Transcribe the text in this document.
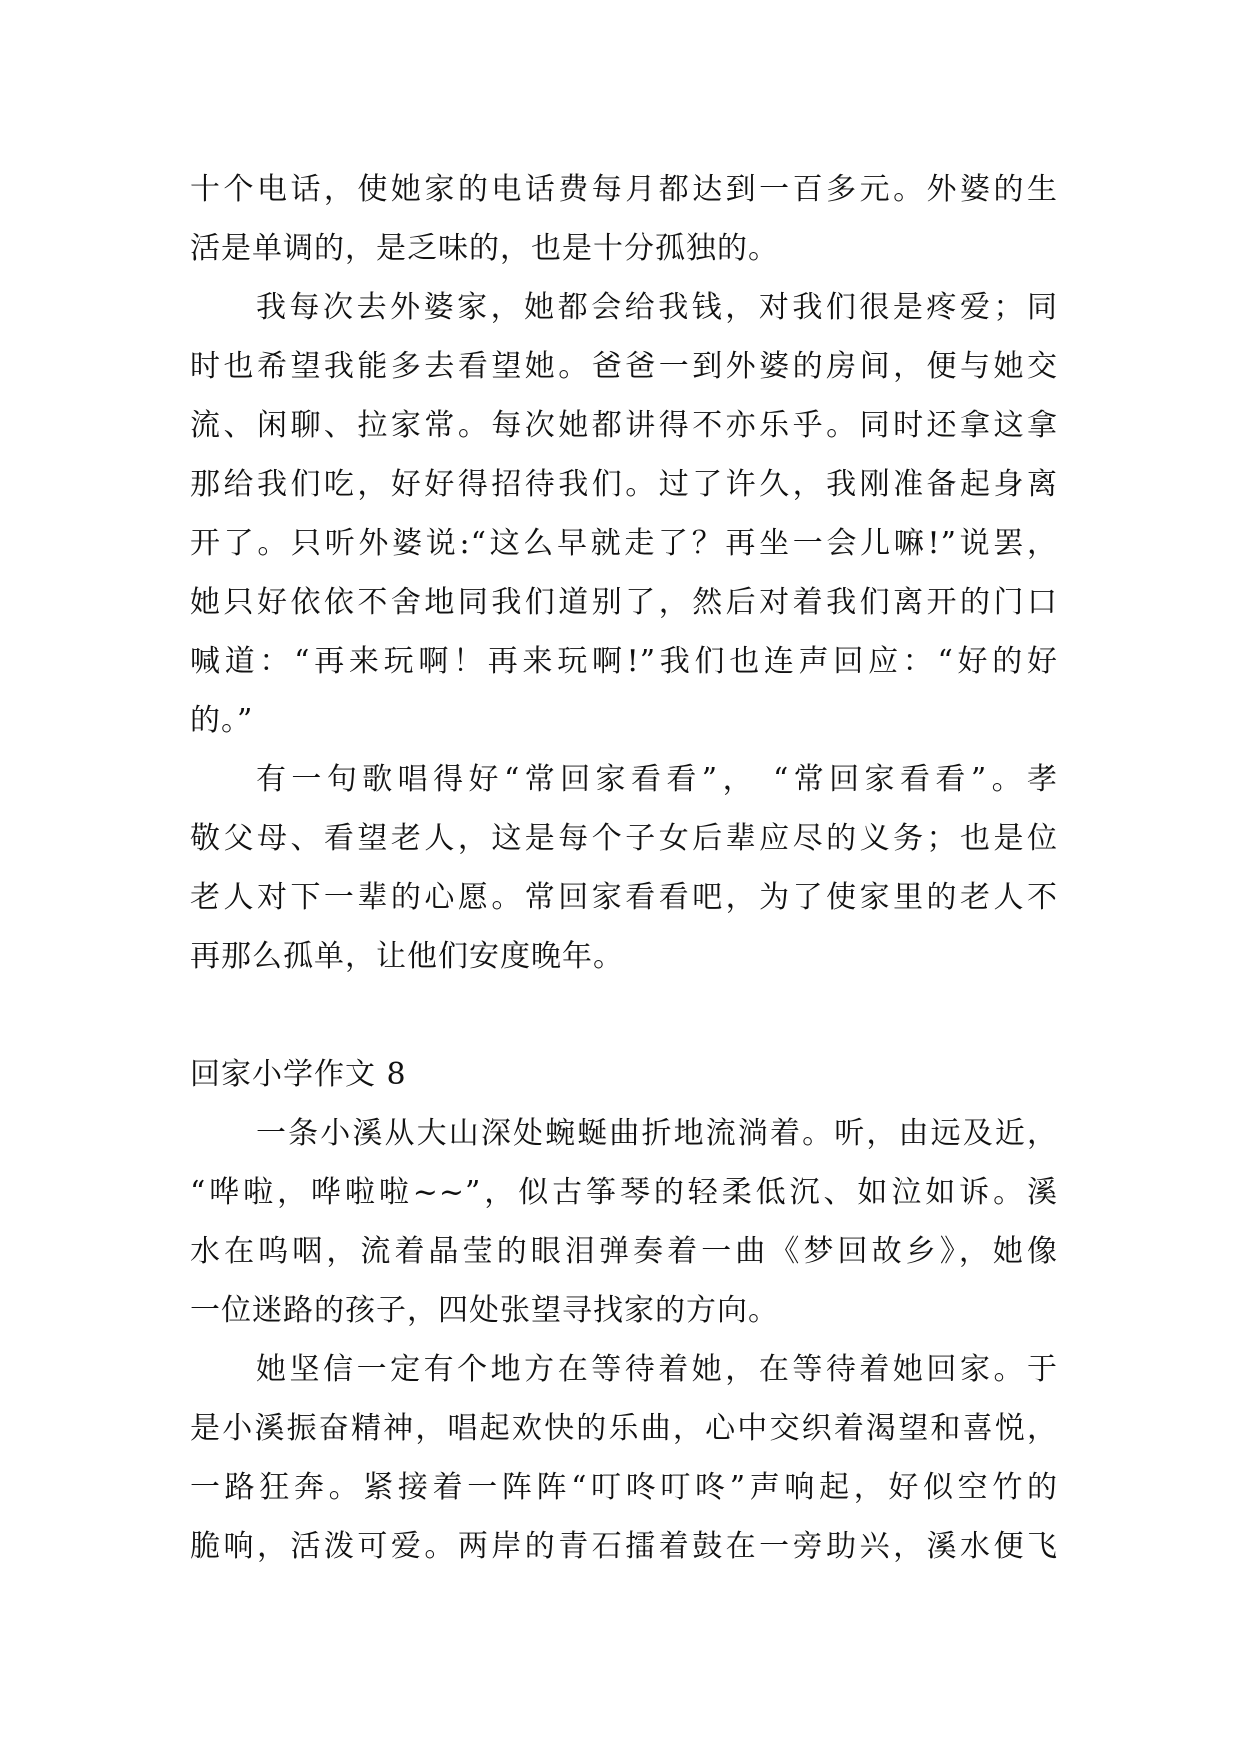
十个电话，使她家的电话费每月都达到一百多元。外婆的生
活是单调的，是乏味的，也是十分孤独的。
我每次去外婆家，她都会给我钱，对我们很是疼爱；同
时也希望我能多去看望她。爸爸一到外婆的房间，便与她交
流、闲聊、拉家常。每次她都讲得不亦乐乎。同时还拿这拿
那给我们吃，好好得招待我们。过了许久，我刚准备起身离
开了。只听外婆说:“这么早就走了？再坐一会儿嘛!”说罢，
她只好依依不舍地同我们道别了，然后对着我们离开的门口
喊道：“再来玩啊！再来玩啊!”我们也连声回应：“好的好
的。”
有一句歌唱得好“常回家看看”， “常回家看看”。孝
敬父母、看望老人，这是每个子女后辈应尽的义务；也是位
老人对下一辈的心愿。常回家看看吧，为了使家里的老人不
再那么孤单，让他们安度晚年。
回家小学作文 8
一条小溪从大山深处蜿蜒曲折地流淌着。听，由远及近，
“哗啦，哗啦啦~~”，似古筝琴的轻柔低沉、如泣如诉。溪
水在呜咽，流着晶莹的眼泪弹奏着一曲《梦回故乡》，她像
一位迷路的孩子，四处张望寻找家的方向。
她坚信一定有个地方在等待着她，在等待着她回家。于
是小溪振奋精神，唱起欢快的乐曲，心中交织着渴望和喜悦，
一路狂奔。紧接着一阵阵“叮咚叮咚”声响起，好似空竹的
脆响，活泼可爱。两岸的青石擂着鼓在一旁助兴，溪水便飞
